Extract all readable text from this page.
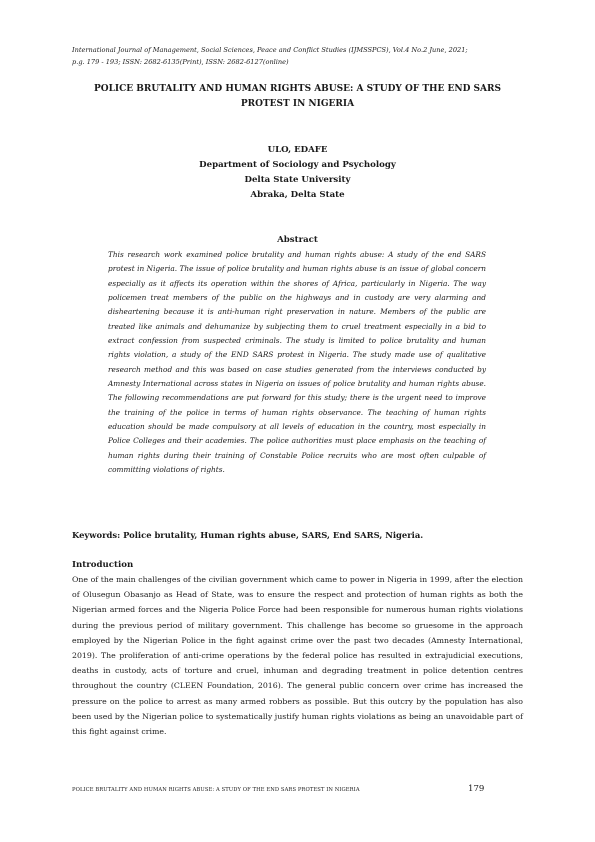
International Journal of Management, Social Sciences, Peace and Conflict Studies (IJMSSPCS), Vol.4 No.2 June, 2021;
p.g. 179 - 193; ISSN: 2682-6135(Print), ISSN: 2682-6127(online)
POLICE BRUTALITY AND HUMAN RIGHTS ABUSE: A STUDY OF THE END SARS
PROTEST IN NIGERIA
ULO, EDAFE
Department of Sociology and Psychology
Delta State University
Abraka, Delta State
Abstract
This research work examined police brutality and human rights abuse: A study of the end SARS protest in Nigeria. The issue of police brutality and human rights abuse is an issue of global concern especially as it affects its operation within the shores of Africa, particularly in Nigeria. The way policemen treat members of the public on the highways and in custody are very alarming and disheartening because it is anti-human right preservation in nature. Members of the public are treated like animals and dehumanize by subjecting them to cruel treatment especially in a bid to extract confession from suspected criminals. The study is limited to police brutality and human rights violation, a study of the END SARS protest in Nigeria. The study made use of qualitative research method and this was based on case studies generated from the interviews conducted by Amnesty International across states in Nigeria on issues of police brutality and human rights abuse. The following recommendations are put forward for this study; there is the urgent need to improve the training of the police in terms of human rights observance. The teaching of human rights education should be made compulsory at all levels of education in the country, most especially in Police Colleges and their academies. The police authorities must place emphasis on the teaching of human rights during their training of Constable Police recruits who are most often culpable of committing violations of rights.
Keywords: Police brutality, Human rights abuse, SARS, End SARS, Nigeria.
Introduction
One of the main challenges of the civilian government which came to power in Nigeria in 1999, after the election of Olusegun Obasanjo as Head of State, was to ensure the respect and protection of human rights as both the Nigerian armed forces and the Nigeria Police Force had been responsible for numerous human rights violations during the previous period of military government. This challenge has become so gruesome in the approach employed by the Nigerian Police in the fight against crime over the past two decades (Amnesty International, 2019). The proliferation of anti-crime operations by the federal police has resulted in extrajudicial executions, deaths in custody, acts of torture and cruel, inhuman and degrading treatment in police detention centres throughout the country (CLEEN Foundation, 2016). The general public concern over crime has increased the pressure on the police to arrest as many armed robbers as possible. But this outcry by the population has also been used by the Nigerian police to systematically justify human rights violations as being an unavoidable part of this fight against crime.
POLICE BRUTALITY AND HUMAN RIGHTS ABUSE: A STUDY OF THE END SARS PROTEST IN NIGERIA	179
